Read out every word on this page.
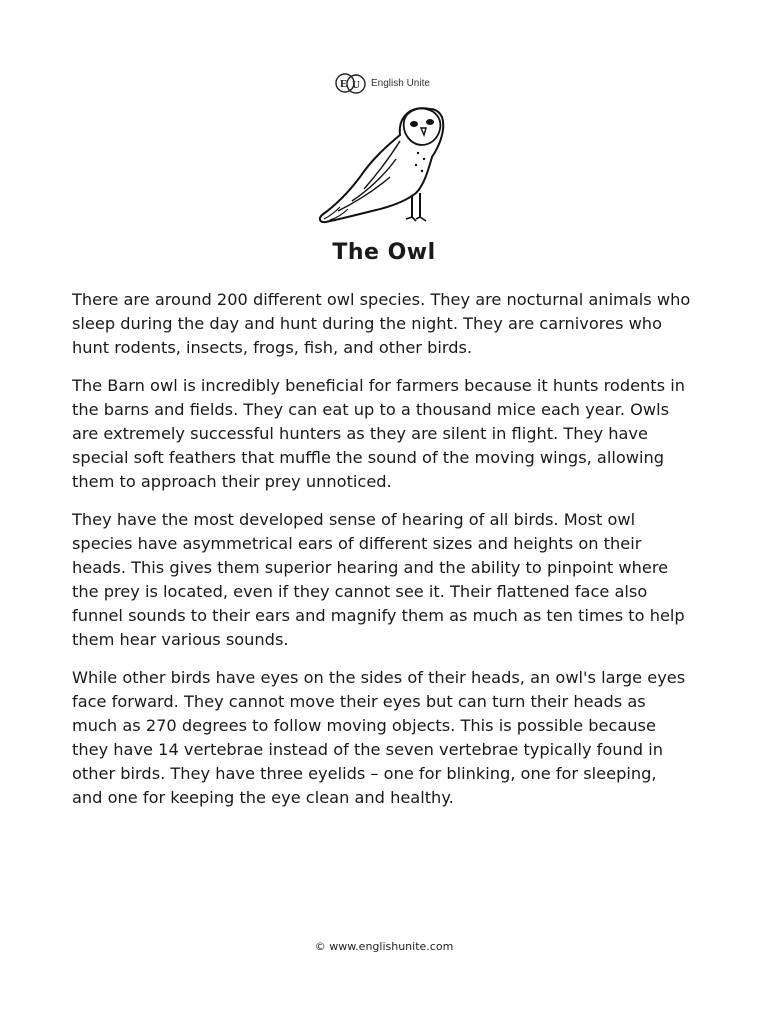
E U English Unite
The Owl

There are around 200 different owl species. They are nocturnal animals who sleep during the day and hunt during the night. They are carnivores who hunt rodents, insects, frogs, fish, and other birds.

The Barn owl is incredibly beneficial for farmers because it hunts rodents in the barns and fields. They can eat up to a thousand mice each year. Owls are extremely successful hunters as they are silent in flight. They have special soft feathers that muffle the sound of the moving wings, allowing them to approach their prey unnoticed.

They have the most developed sense of hearing of all birds. Most owl species have asymmetrical ears of different sizes and heights on their heads. This gives them superior hearing and the ability to pinpoint where the prey is located, even if they cannot see it. Their flattened face also funnel sounds to their ears and magnify them as much as ten times to help them hear various sounds.

While other birds have eyes on the sides of their heads, an owl's large eyes face forward. They cannot move their eyes but can turn their heads as much as 270 degrees to follow moving objects. This is possible because they have 14 vertebrae instead of the seven vertebrae typically found in other birds. They have three eyelids – one for blinking, one for sleeping, and one for keeping the eye clean and healthy.

© www.englishunite.com
